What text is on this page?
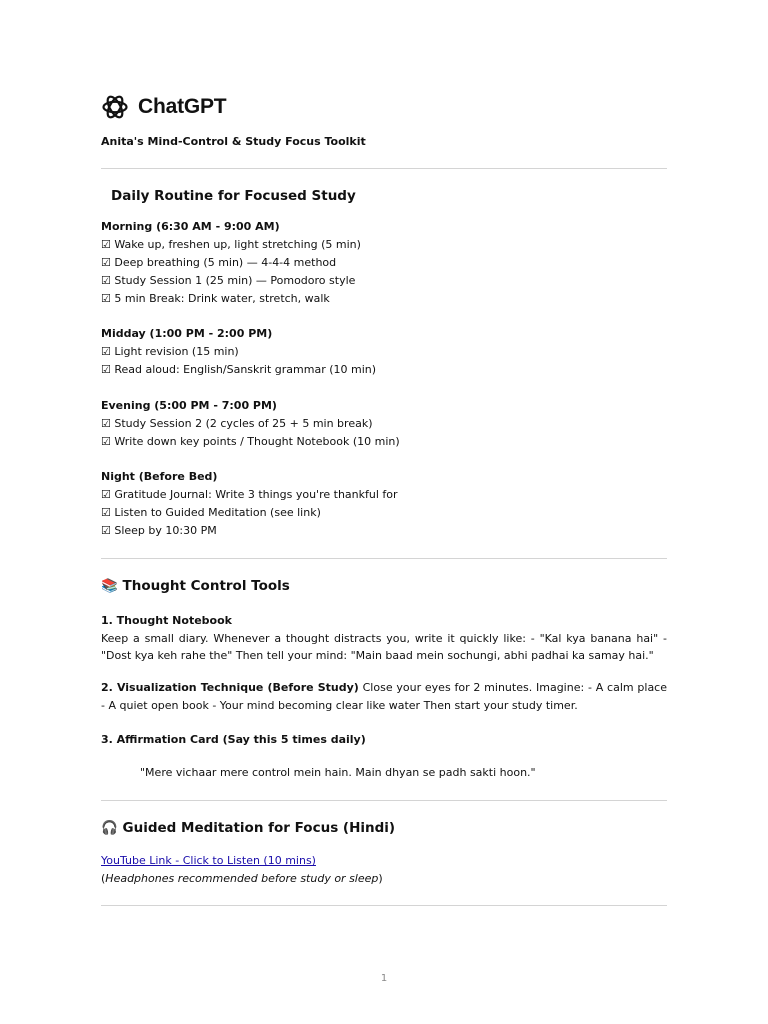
ChatGPT
Anita's Mind-Control & Study Focus Toolkit
Daily Routine for Focused Study
Morning (6:30 AM - 9:00 AM)
☑ Wake up, freshen up, light stretching (5 min)
☑ Deep breathing (5 min) — 4-4-4 method
☑ Study Session 1 (25 min) — Pomodoro style
☑ 5 min Break: Drink water, stretch, walk
Midday (1:00 PM - 2:00 PM)
☑ Light revision (15 min)
☑ Read aloud: English/Sanskrit grammar (10 min)
Evening (5:00 PM - 7:00 PM)
☑ Study Session 2 (2 cycles of 25 + 5 min break)
☑ Write down key points / Thought Notebook (10 min)
Night (Before Bed)
☑ Gratitude Journal: Write 3 things you're thankful for
☑ Listen to Guided Meditation (see link)
☑ Sleep by 10:30 PM
📚 Thought Control Tools
1. Thought Notebook
Keep a small diary. Whenever a thought distracts you, write it quickly like: - "Kal kya banana hai" - "Dost kya keh rahe the" Then tell your mind: "Main baad mein sochungi, abhi padhai ka samay hai."
2. Visualization Technique (Before Study) Close your eyes for 2 minutes. Imagine: - A calm place - A quiet open book - Your mind becoming clear like water Then start your study timer.
3. Affirmation Card (Say this 5 times daily)
"Mere vichaar mere control mein hain. Main dhyan se padh sakti hoon."
🎧 Guided Meditation for Focus (Hindi)
YouTube Link - Click to Listen (10 mins)
(Headphones recommended before study or sleep)
1
